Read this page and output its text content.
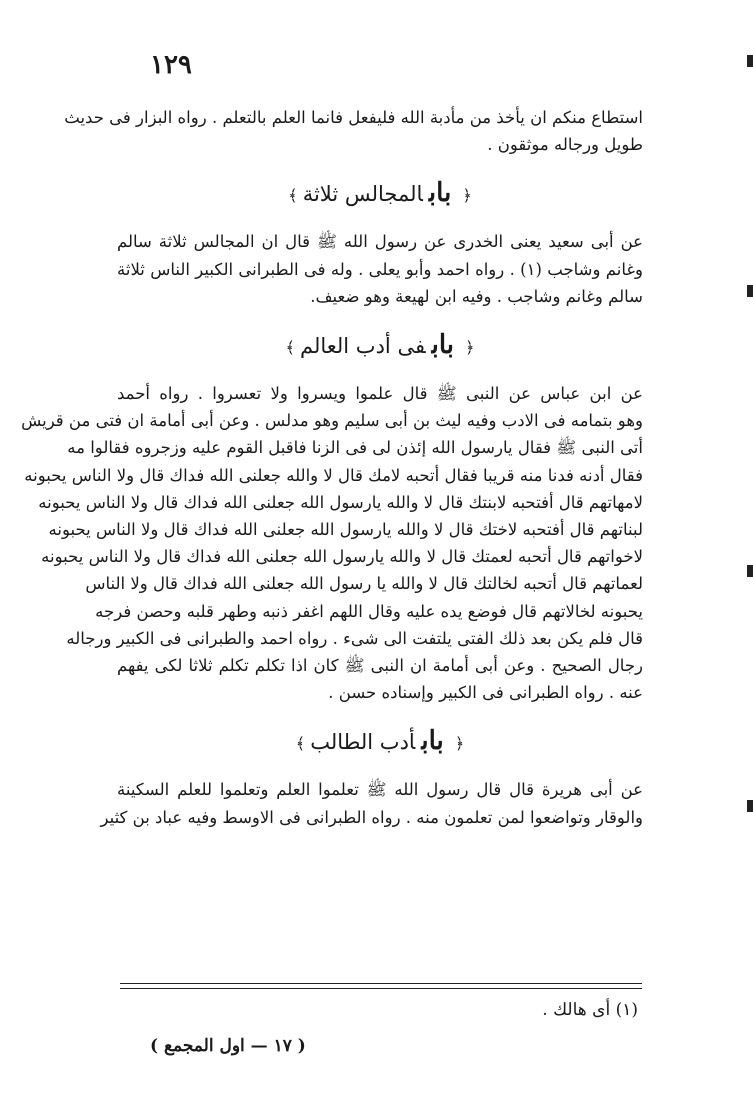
١٢٩
استطاع منكم ان يأخذ من مأدبة الله فليفعل فانما العلم بالتعلم . رواه البزار فى حديث
طويل ورجاله موثقون .
﴿ بابالمجالس ثلاثة ﴾
عن أبى سعيد يعنى الخدرى عن رسول الله ﷺ قال ان المجالس ثلاثة سالم
وغانم وشاجب (١) . رواه احمد وأبو يعلى . وله فى الطبرانى الكبير الناس ثلاثة
سالم وغانم وشاجب . وفيه ابن لهيعة وهو ضعيف.
﴿ بابفى أدب العالم ﴾
عن ابن عباس عن النبى ﷺ قال علموا ويسروا ولا تعسروا . رواه أحمد
وهو بتمامه فى الادب وفيه ليث بن أبى سليم وهو مدلس . وعن أبى أمامة ان فتى من قريش
أتى النبى ﷺ فقال يارسول الله إئذن لى فى الزنا فاقبل القوم عليه وزجروه فقالوا مه
فقال أدنه فدنا منه قريبا فقال أتحبه لامك قال لا والله جعلنى الله فداك قال ولا الناس يحبونه
لامهاتهم قال أفتحبه لابنتك قال لا والله يارسول الله جعلنى الله فداك قال ولا الناس يحبونه
لبناتهم قال أفتحبه لاختك قال لا والله يارسول الله جعلنى الله فداك قال ولا الناس يحبونه
لاخواتهم قال أتحبه لعمتك قال لا والله يارسول الله جعلنى الله فداك قال ولا الناس يحبونه
لعماتهم قال أتحبه لخالتك قال لا والله يا رسول الله جعلنى الله فداك قال ولا الناس
يحبونه لخالاتهم قال فوضع يده عليه وقال اللهم اغفر ذنبه وطهر قلبه وحصن فرجه
قال فلم يكن بعد ذلك الفتى يلتفت الى شىء . رواه احمد والطبرانى فى الكبير ورجاله
رجال الصحيح . وعن أبى أمامة ان النبى ﷺ كان اذا تكلم تكلم ثلاثا لكى يفهم
عنه . رواه الطبرانى فى الكبير وإسناده حسن .
﴿ بابأدب الطالب ﴾
عن أبى هريرة قال قال رسول الله ﷺ تعلموا العلم وتعلموا للعلم السكينة
والوقار وتواضعوا لمن تعلمون منه . رواه الطبرانى فى الاوسط وفيه عباد بن كثير
(١) أى هالك .
( ١٧ — اول المجمع )
